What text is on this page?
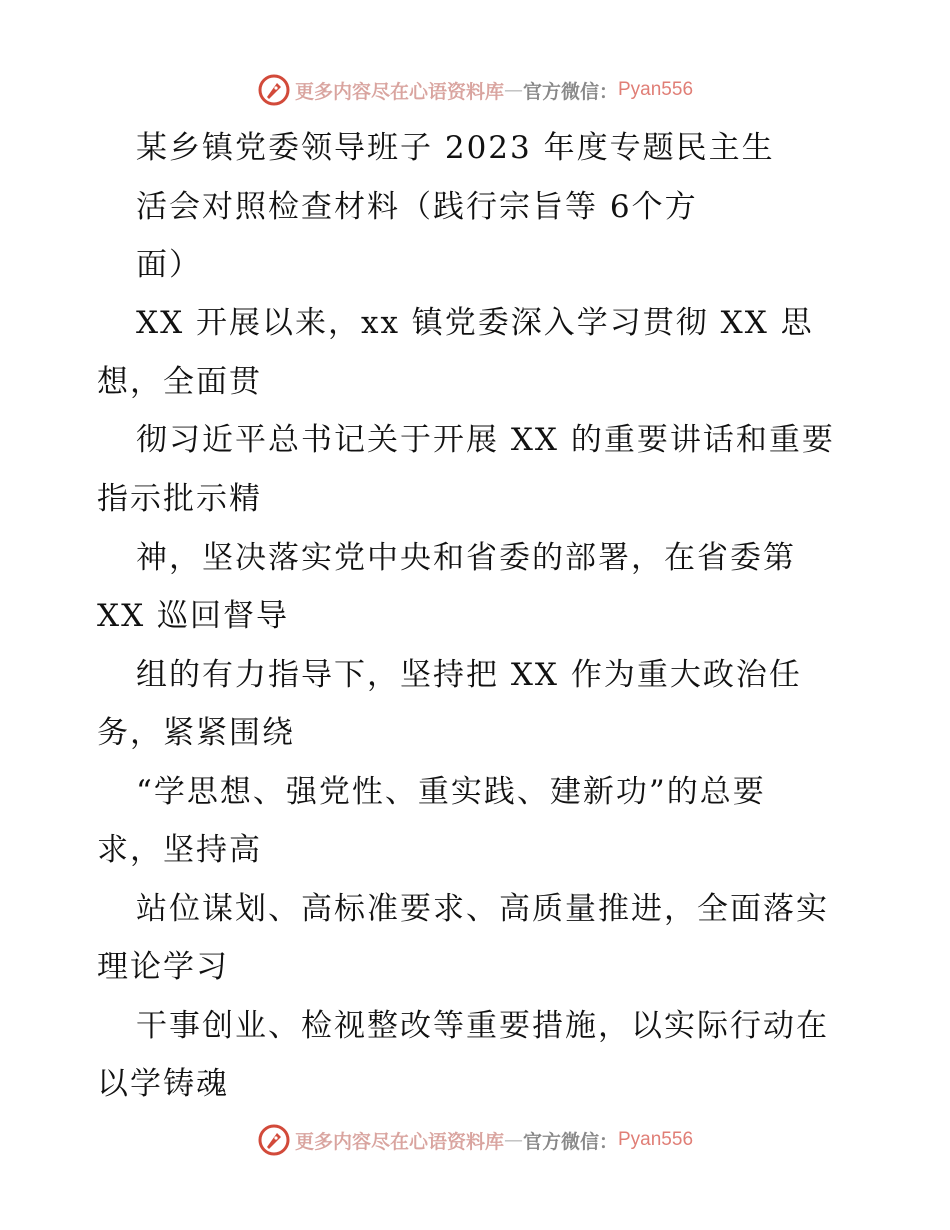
更多内容尽在心语资料库 — 官方微信： Pyan556

某乡镇党委领导班子 2023 年度专题民主生

活会对照检查材料（践行宗旨等 6个方

面）

XX 开展以来，xx 镇党委深入学习贯彻 XX 思

想，全面贯

彻习近平总书记关于开展 XX 的重要讲话和重要

指示批示精

神，坚决落实党中央和省委的部署，在省委第

XX 巡回督导

组的有力指导下，坚持把 XX 作为重大政治任

务，紧紧围绕

“学思想、强党性、重实践、建新功”的总要

求，坚持高

站位谋划、高标准要求、高质量推进，全面落实

理论学习

干事创业、检视整改等重要措施，以实际行动在

以学铸魂

更多内容尽在心语资料库 — 官方微信： Pyan556
